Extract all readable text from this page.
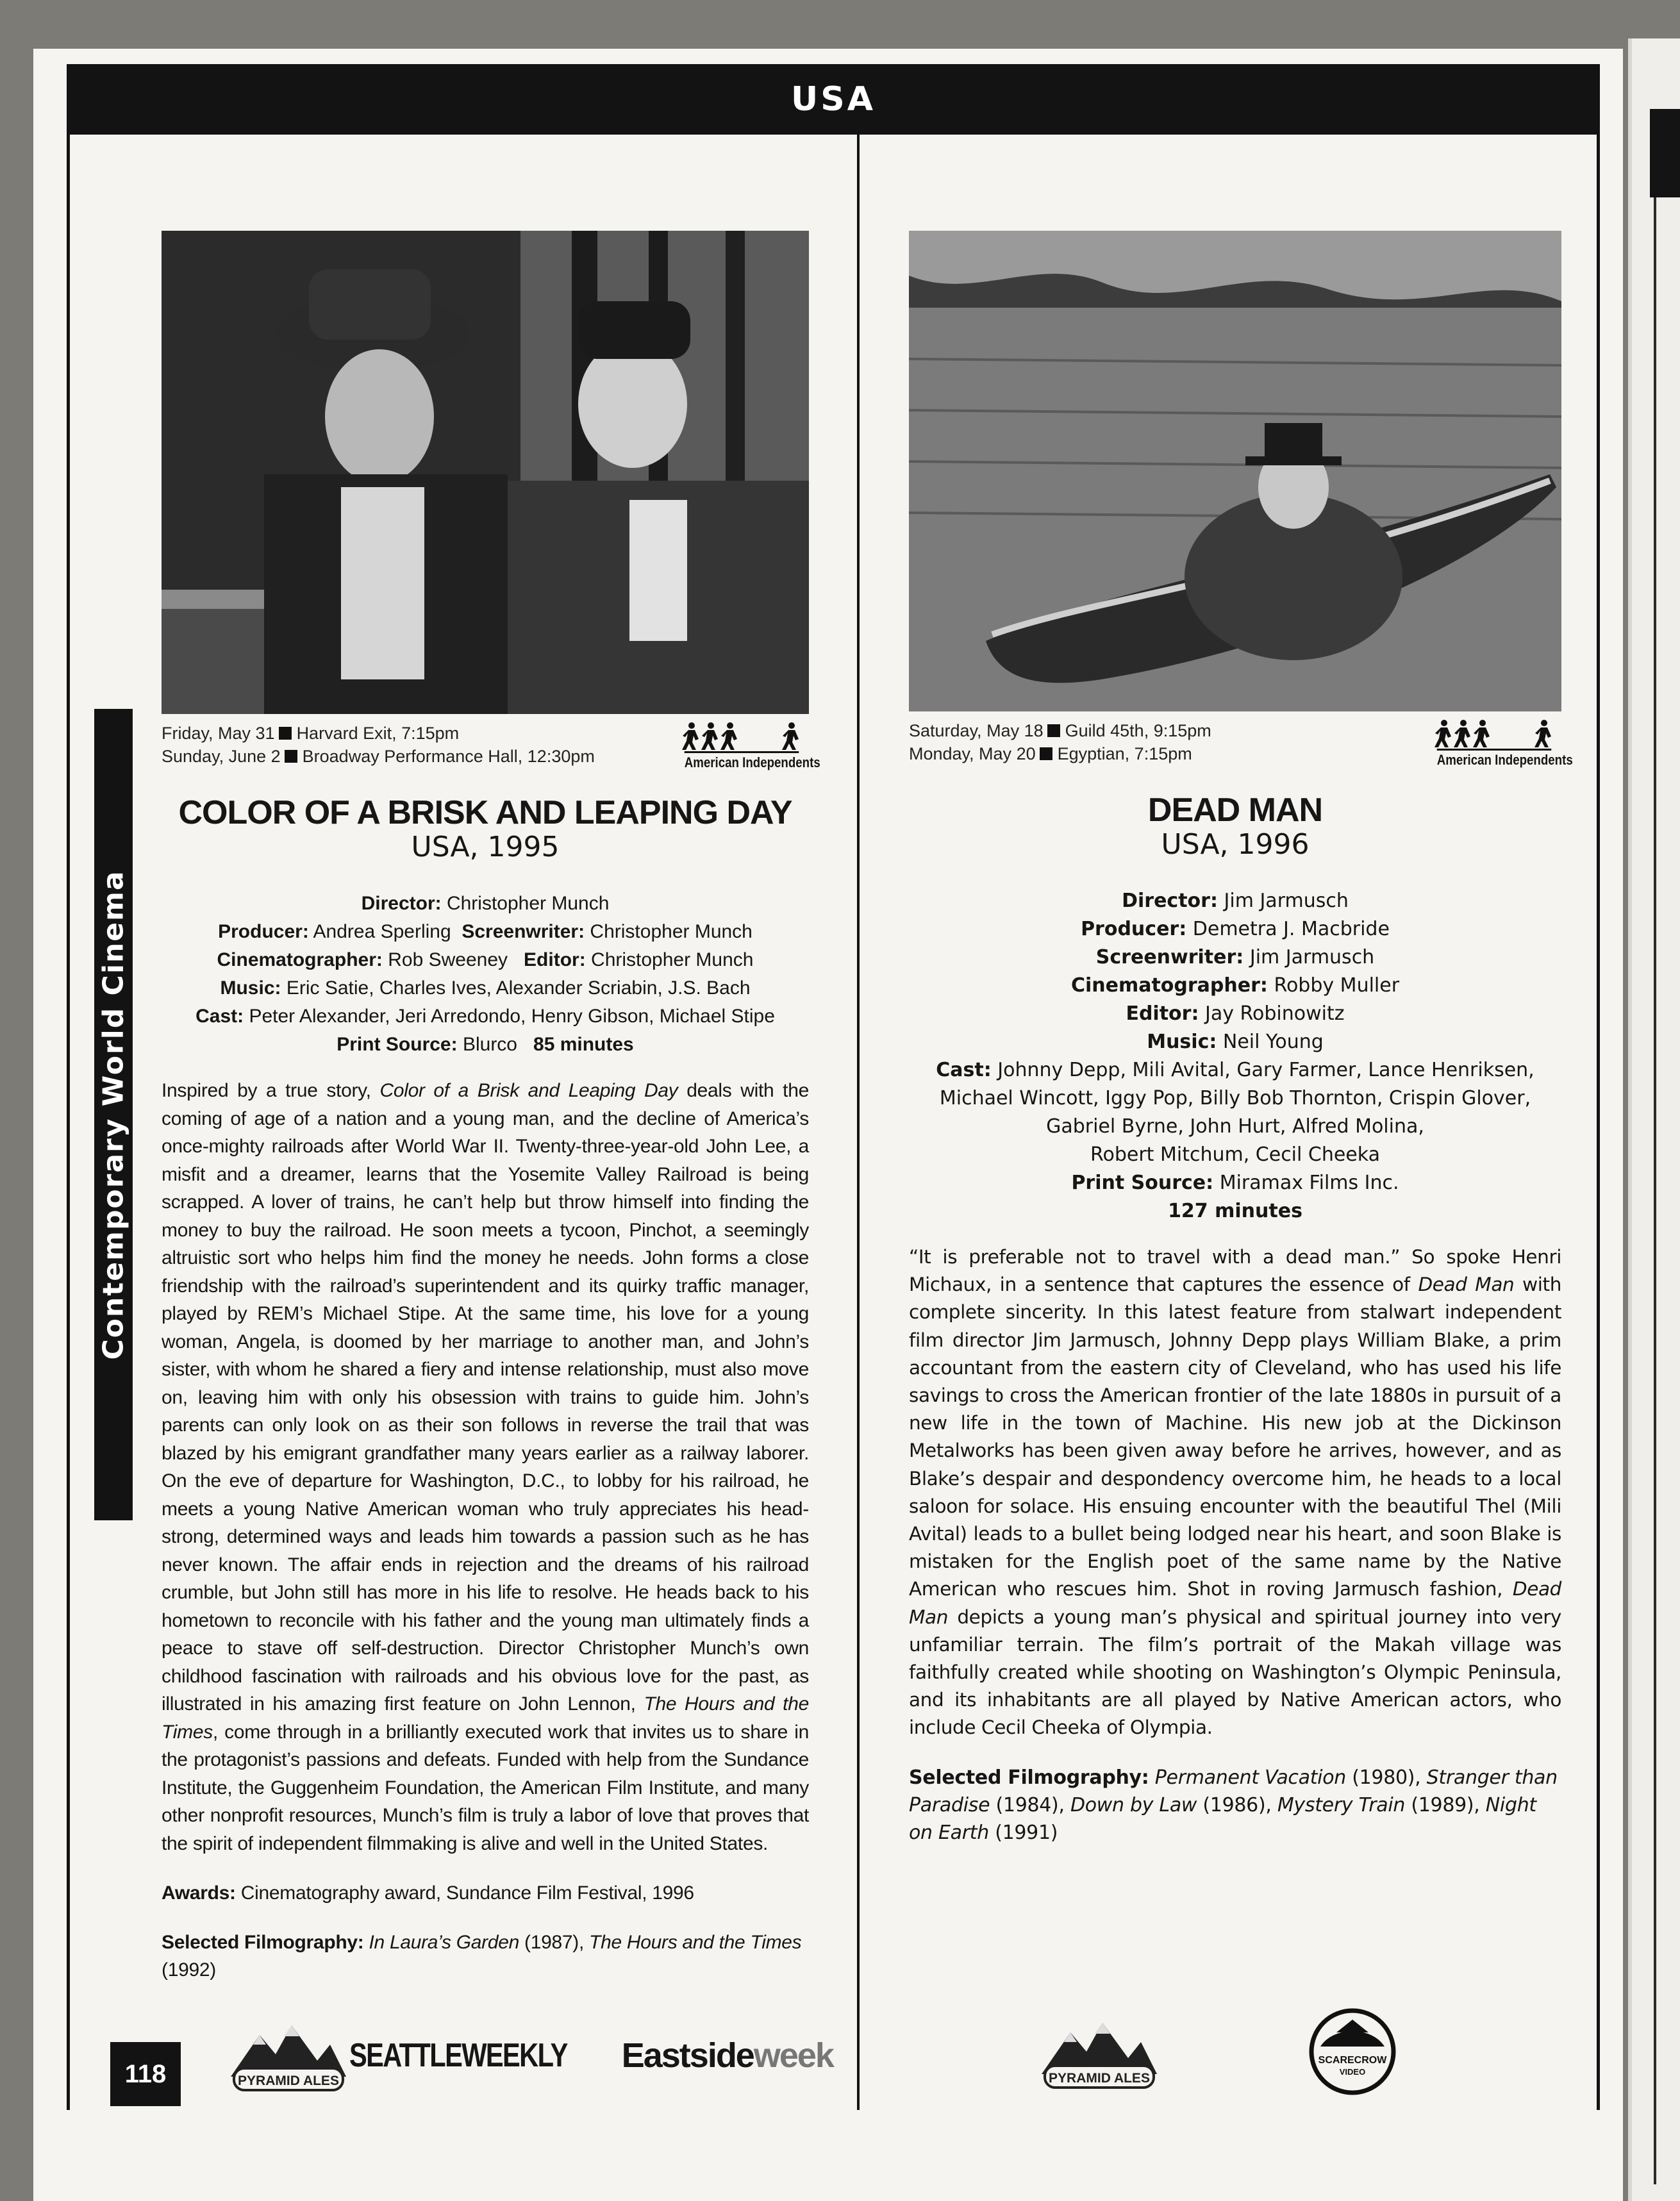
USA
Contemporary World Cinema
118
Friday, May 31 Harvard Exit, 7:15pm
Sunday, June 2 Broadway Performance Hall, 12:30pm	American Independents
COLOR OF A BRISK AND LEAPING DAY
USA, 1995
Director: Christopher Munch
Producer: Andrea Sperling Screenwriter: Christopher Munch
Cinematographer: Rob Sweeney Editor: Christopher Munch
Music: Eric Satie, Charles Ives, Alexander Scriabin, J.S. Bach
Cast: Peter Alexander, Jeri Arredondo, Henry Gibson, Michael Stipe
Print Source: Blurco 85 minutes
Inspired by a true story, Color of a Brisk and Leaping Day deals with the coming of age of a nation and a young man, and the decline of America’s once-mighty railroads after World War II. Twenty-three-year-old John Lee, a misfit and a dreamer, learns that the Yosemite Valley Railroad is being scrapped. A lover of trains, he can’t help but throw himself into finding the money to buy the railroad. He soon meets a tycoon, Pinchot, a seemingly altruistic sort who helps him find the money he needs. John forms a close friendship with the railroad’s superintendent and its quirky traffic manager, played by REM’s Michael Stipe. At the same time, his love for a young woman, Angela, is doomed by her marriage to another man, and John’s sister, with whom he shared a fiery and intense relationship, must also move on, leaving him with only his obsession with trains to guide him. John’s parents can only look on as their son follows in reverse the trail that was blazed by his emigrant grandfather many years earlier as a railway laborer. On the eve of departure for Washington, D.C., to lobby for his railroad, he meets a young Native American woman who truly appreciates his head-strong, determined ways and leads him towards a passion such as he has never known. The affair ends in rejection and the dreams of his railroad crumble, but John still has more in his life to resolve. He heads back to his hometown to reconcile with his father and the young man ultimately finds a peace to stave off self-destruction. Director Christopher Munch’s own childhood fascination with railroads and his obvious love for the past, as illustrated in his amazing first feature on John Lennon, The Hours and the Times, come through in a brilliantly executed work that invites us to share in the protagonist’s passions and defeats. Funded with help from the Sundance Institute, the Guggenheim Foundation, the American Film Institute, and many other nonprofit resources, Munch’s film is truly a labor of love that proves that the spirit of independent filmmaking is alive and well in the United States.
Awards: Cinematography award, Sundance Film Festival, 1996
Selected Filmography: In Laura’s Garden (1987), The Hours and the Times (1992)
Saturday, May 18 Guild 45th, 9:15pm
Monday, May 20 Egyptian, 7:15pm	American Independents
DEAD MAN
USA, 1996
Director: Jim Jarmusch
Producer: Demetra J. Macbride
Screenwriter: Jim Jarmusch
Cinematographer: Robby Muller
Editor: Jay Robinowitz
Music: Neil Young
Cast: Johnny Depp, Mili Avital, Gary Farmer, Lance Henriksen,
Michael Wincott, Iggy Pop, Billy Bob Thornton, Crispin Glover,
Gabriel Byrne, John Hurt, Alfred Molina,
Robert Mitchum, Cecil Cheeka
Print Source: Miramax Films Inc.
127 minutes
“It is preferable not to travel with a dead man.” So spoke Henri Michaux, in a sentence that captures the essence of Dead Man with complete sincerity. In this latest feature from stalwart independent film director Jim Jarmusch, Johnny Depp plays William Blake, a prim accountant from the eastern city of Cleveland, who has used his life savings to cross the American frontier of the late 1880s in pursuit of a new life in the town of Machine. His new job at the Dickinson Metalworks has been given away before he arrives, however, and as Blake’s despair and despondency overcome him, he heads to a local saloon for solace. His ensuing encounter with the beautiful Thel (Mili Avital) leads to a bullet being lodged near his heart, and soon Blake is mistaken for the English poet of the same name by the Native American who rescues him. Shot in roving Jarmusch fashion, Dead Man depicts a young man’s physical and spiritual journey into very unfamiliar terrain. The film’s portrait of the Makah village was faithfully created while shooting on Washington’s Olympic Peninsula, and its inhabitants are all played by Native American actors, who include Cecil Cheeka of Olympia.
Selected Filmography: Permanent Vacation (1980), Stranger than Paradise (1984), Down by Law (1986), Mystery Train (1989), Night on Earth (1991)
PYRAMID ALES
SEATTLEWEEKLY Eastsideweek
PYRAMID ALES
SCARECROW
VIDEO
